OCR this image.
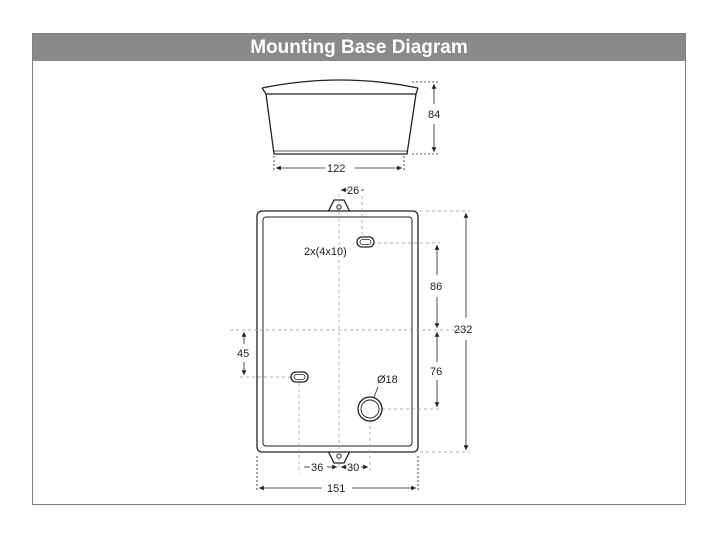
Mounting Base Diagram
84
122
26
2x(4x10)
86
232
45
76
Ø18
36 30
151
